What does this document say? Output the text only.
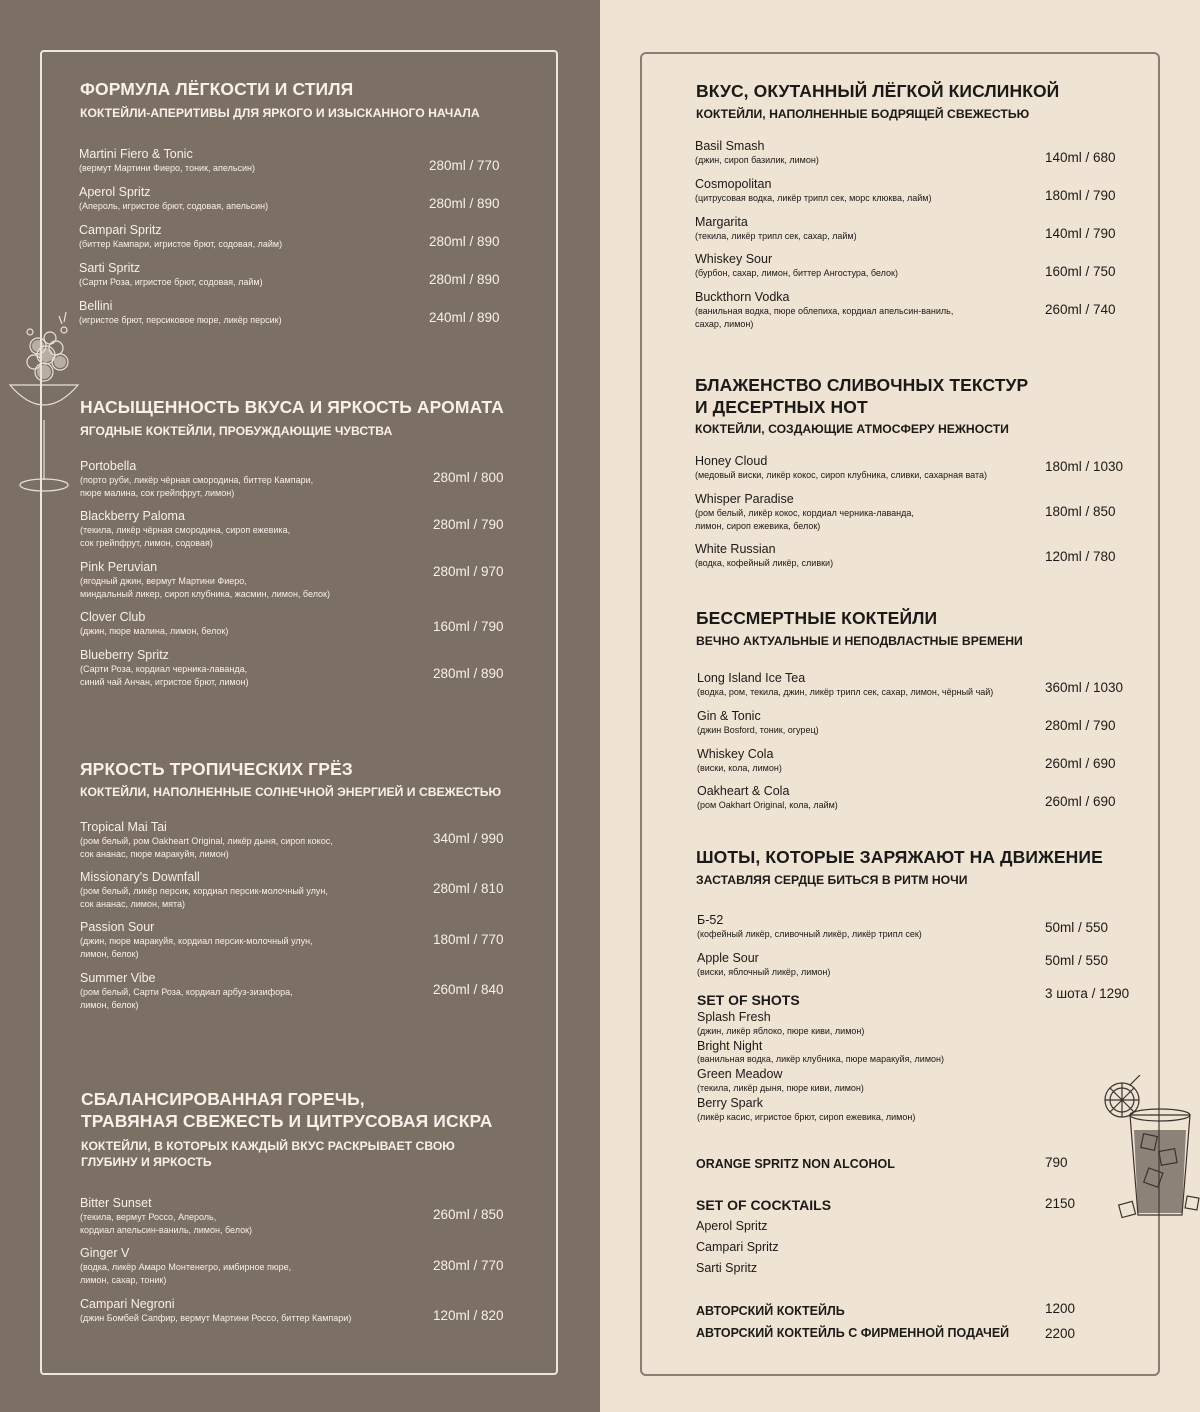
ФОРМУЛА ЛЁГКОСТИ И СТИЛЯ
КОКТЕЙЛИ-АПЕРИТИВЫ ДЛЯ ЯРКОГО И ИЗЫСКАННОГО НАЧАЛА
Martini Fiero & Tonic
(вермут Мартини Фиеро, тоник, апельсин)	280ml / 770
Aperol Spritz
(Апероль, игристое брют, содовая, апельсин)	280ml / 890
Campari Spritz
(биттер Кампари, игристое брют, содовая, лайм)	280ml / 890
Sarti Spritz
(Сарти Роза, игристое брют, содовая, лайм)	280ml / 890
Bellini
(игристое брют, персиковое пюре, ликёр персик)	240ml / 890
НАСЫЩЕННОСТЬ ВКУСА И ЯРКОСТЬ АРОМАТА
ЯГОДНЫЕ КОКТЕЙЛИ, ПРОБУЖДАЮЩИЕ ЧУВСТВА
Portobella
(порто руби, ликёр чёрная смородина, биттер Кампари,
пюре малина, сок грейпфрут, лимон)
280ml / 800
Blackberry Paloma
(текила, ликёр чёрная смородина, сироп ежевика,
сок грейпфрут, лимон, содовая)
280ml / 790
Pink Peruvian
(ягодный джин, вермут Мартини Фиеро,
миндальный ликер, сироп клубника, жасмин, лимон, белок)
280ml / 970
Clover Club
(джин, пюре малина, лимон, белок)	160ml / 790
Blueberry Spritz
(Сарти Роза, кордиал черника-лаванда,
синий чай Анчан, игристое брют, лимон)
280ml / 890
ЯРКОСТЬ ТРОПИЧЕСКИХ ГРЁЗ
КОКТЕЙЛИ, НАПОЛНЕННЫЕ СОЛНЕЧНОЙ ЭНЕРГИЕЙ И СВЕЖЕСТЬЮ
Tropical Mai Tai
(ром белый, ром Oakheart Original, ликёр дыня, сироп кокос,
сок ананас, пюре маракуйя, лимон)
340ml / 990
Missionary's Downfall
(ром белый, ликёр персик, кордиал персик-молочный улун,
сок ананас, лимон, мята)
280ml / 810
Passion Sour
(джин, пюре маракуйя, кордиал персик-молочный улун,
лимон, белок)
180ml / 770
Summer Vibe
(ром белый, Сарти Роза, кордиал арбуз-зизифора,
лимон, белок)
260ml / 840
СБАЛАНСИРОВАННАЯ ГОРЕЧЬ,
ТРАВЯНАЯ СВЕЖЕСТЬ И ЦИТРУСОВАЯ ИСКРА
КОКТЕЙЛИ, В КОТОРЫХ КАЖДЫЙ ВКУС РАСКРЫВАЕТ СВОЮ
ГЛУБИНУ И ЯРКОСТЬ
Bitter Sunset
(текила, вермут Россо, Апероль,
кордиал апельсин-ваниль, лимон, белок)
260ml / 850
Ginger V
(водка, ликёр Амаро Монтенегро, имбирное пюре,
лимон, сахар, тоник)
280ml / 770
Campari Negroni
(джин Бомбей Сапфир, вермут Мартини Россо, биттер Кампари)	120ml / 820
ВКУС, ОКУТАННЫЙ ЛЁГКОЙ КИСЛИНКОЙ
КОКТЕЙЛИ, НАПОЛНЕННЫЕ БОДРЯЩЕЙ СВЕЖЕСТЬЮ
Basil Smash
(джин, сироп базилик, лимон)	140ml / 680
Cosmopolitan
(цитрусовая водка, ликёр трипл сек, морс клюква, лайм)	180ml / 790
Margarita
(текила, ликёр трипл сек, сахар, лайм)	140ml / 790
Whiskey Sour
(бурбон, сахар, лимон, биттер Ангостура, белок)	160ml / 750
Buckthorn Vodka
(ванильная водка, пюре облепиха, кордиал апельсин-ваниль,
сахар, лимон)
260ml / 740
БЛАЖЕНСТВО СЛИВОЧНЫХ ТЕКСТУР
И ДЕСЕРТНЫХ НОТ
КОКТЕЙЛИ, СОЗДАЮЩИЕ АТМОСФЕРУ НЕЖНОСТИ
Honey Cloud
(медовый виски, ликёр кокос, сироп клубника, сливки, сахарная вата)
180ml / 1030
Whisper Paradise
(ром белый, ликёр кокос, кордиал черника-лаванда,
лимон, сироп ежевика, белок)
180ml / 850
White Russian
(водка, кофейный ликёр, сливки)	120ml / 780
БЕССМЕРТНЫЕ КОКТЕЙЛИ
ВЕЧНО АКТУАЛЬНЫЕ И НЕПОДВЛАСТНЫЕ ВРЕМЕНИ
Long Island Ice Tea
(водка, ром, текила, джин, ликёр трипл сек, сахар, лимон, чёрный чай)	360ml / 1030
Gin & Tonic
(джин Bosford, тоник, огурец)	280ml / 790
Whiskey Cola
(виски, кола, лимон)	260ml / 690
Oakheart & Cola
(ром Oakhart Original, кола, лайм)	260ml / 690
ШОТЫ, КОТОРЫЕ ЗАРЯЖАЮТ НА ДВИЖЕНИЕ
ЗАСТАВЛЯЯ СЕРДЦЕ БИТЬСЯ В РИТМ НОЧИ
Б-52
(кофейный ликёр, сливочный ликёр, ликёр трипл сек)	50ml / 550
Apple Sour
(виски, яблочный ликёр, лимон)
50ml / 550
SET OF SHOTS	3 шота / 1290
Splash Fresh
(джин, ликёр яблоко, пюре киви, лимон)
Bright Night
(ванильная водка, ликёр клубника, пюре маракуйя, лимон)
Green Meadow
(текила, ликёр дыня, пюре киви, лимон)
Berry Spark
(ликёр касис, игристое брют, сироп ежевика, лимон)
ORANGE SPRITZ NON ALCOHOL	790
SET OF COCKTAILS	2150
Aperol Spritz
Campari Spritz
Sarti Spritz
АВТОРСКИЙ КОКТЕЙЛЬ	1200
АВТОРСКИЙ КОКТЕЙЛЬ С ФИРМЕННОЙ ПОДАЧЕЙ	2200
